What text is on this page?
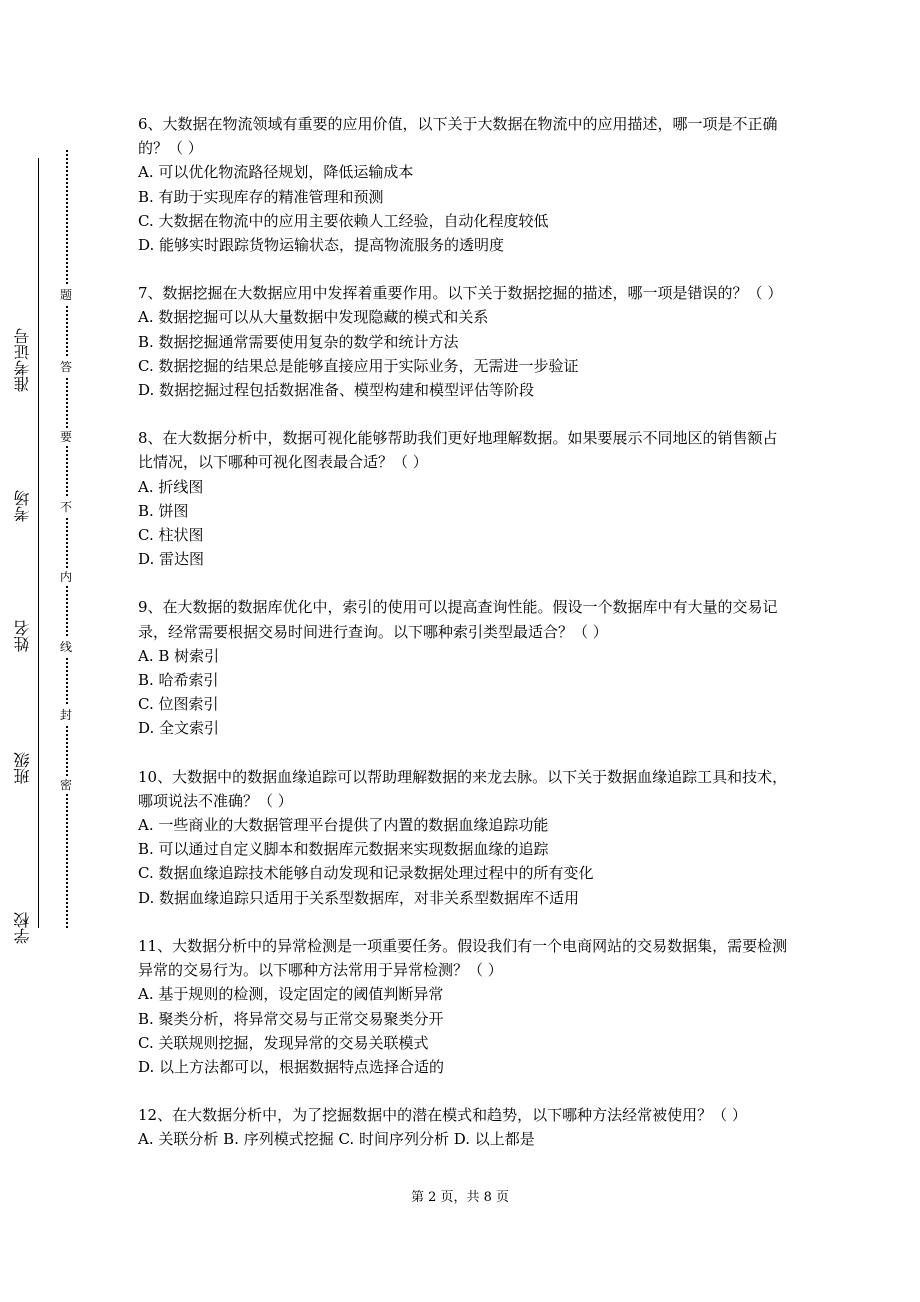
准考证号
考场
姓名
班级
学校
题
答
要
不
内
线
封
密

6、大数据在物流领域有重要的应用价值，以下关于大数据在物流中的应用描述，哪一项是不正确的？（ ）

A. 可以优化物流路径规划，降低运输成本
B. 有助于实现库存的精准管理和预测
C. 大数据在物流中的应用主要依赖人工经验，自动化程度较低
D. 能够实时跟踪货物运输状态，提高物流服务的透明度

7、数据挖掘在大数据应用中发挥着重要作用。以下关于数据挖掘的描述，哪一项是错误的？（ ）

A. 数据挖掘可以从大量数据中发现隐藏的模式和关系
B. 数据挖掘通常需要使用复杂的数学和统计方法
C. 数据挖掘的结果总是能够直接应用于实际业务，无需进一步验证
D. 数据挖掘过程包括数据准备、模型构建和模型评估等阶段

8、在大数据分析中，数据可视化能够帮助我们更好地理解数据。如果要展示不同地区的销售额占比情况，以下哪种可视化图表最合适？（ ）

A. 折线图
B. 饼图
C. 柱状图
D. 雷达图

9、在大数据的数据库优化中，索引的使用可以提高查询性能。假设一个数据库中有大量的交易记录，经常需要根据交易时间进行查询。以下哪种索引类型最适合？（ ）

A. B 树索引
B. 哈希索引
C. 位图索引
D. 全文索引

10、大数据中的数据血缘追踪可以帮助理解数据的来龙去脉。以下关于数据血缘追踪工具和技术，哪项说法不准确？（ ）

A. 一些商业的大数据管理平台提供了内置的数据血缘追踪功能
B. 可以通过自定义脚本和数据库元数据来实现数据血缘的追踪
C. 数据血缘追踪技术能够自动发现和记录数据处理过程中的所有变化
D. 数据血缘追踪只适用于关系型数据库，对非关系型数据库不适用

11、大数据分析中的异常检测是一项重要任务。假设我们有一个电商网站的交易数据集，需要检测异常的交易行为。以下哪种方法常用于异常检测？（ ）

A. 基于规则的检测，设定固定的阈值判断异常
B. 聚类分析，将异常交易与正常交易聚类分开
C. 关联规则挖掘，发现异常的交易关联模式
D. 以上方法都可以，根据数据特点选择合适的

12、在大数据分析中，为了挖掘数据中的潜在模式和趋势，以下哪种方法经常被使用？（ ）

A. 关联分析 B. 序列模式挖掘 C. 时间序列分析 D. 以上都是
第 2 页，共 8 页
